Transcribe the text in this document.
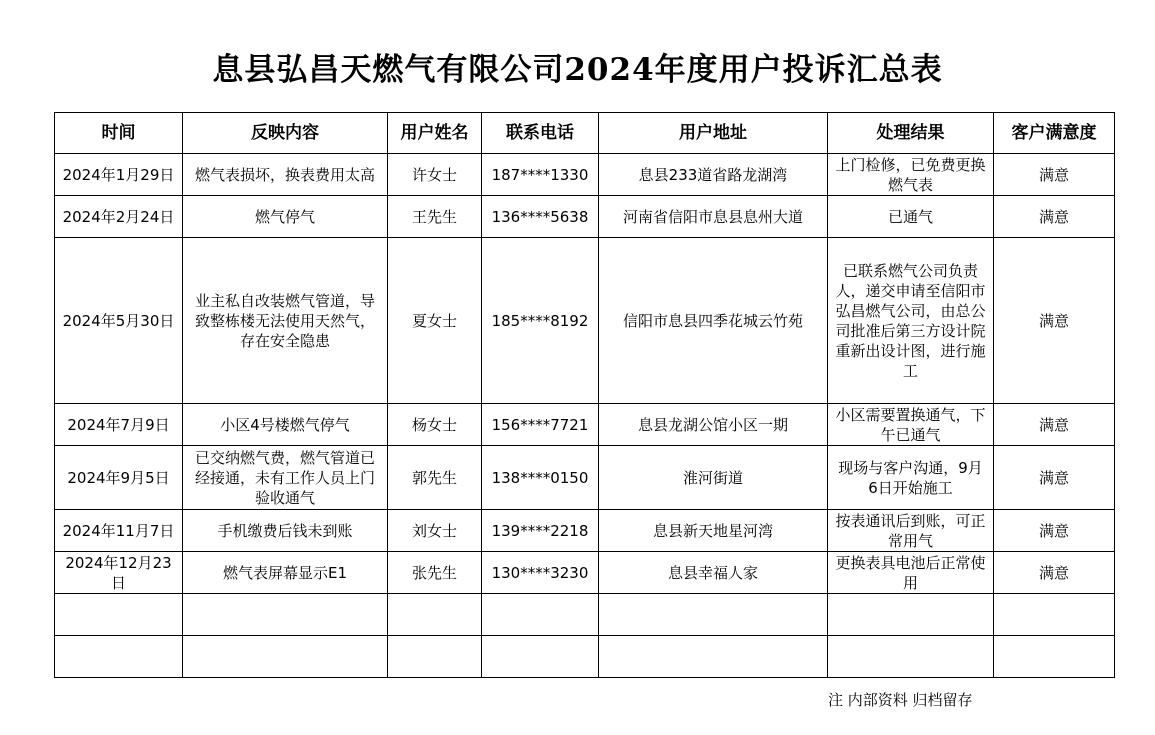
息县弘昌天燃气有限公司2024年度用户投诉汇总表
时间	反映内容	用户姓名	联系电话	用户地址	处理结果	客户满意度
2024年1月29日	燃气表损坏，换表费用太高	许女士	187****1330	息县233道省路龙湖湾	上门检修，已免费更换燃气表	满意
2024年2月24日	燃气停气	王先生	136****5638	河南省信阳市息县息州大道	已通气	满意
2024年5月30日	业主私自改装燃气管道，导致整栋楼无法使用天然气，存在安全隐患	夏女士	185****8192	信阳市息县四季花城云竹苑	已联系燃气公司负责人，递交申请至信阳市弘昌燃气公司，由总公司批准后第三方设计院重新出设计图，进行施工	满意
2024年7月9日	小区4号楼燃气停气	杨女士	156****7721	息县龙湖公馆小区一期	小区需要置换通气，下午已通气	满意
2024年9月5日	已交纳燃气费，燃气管道已经接通，未有工作人员上门验收通气	郭先生	138****0150	淮河街道	现场与客户沟通，9月6日开始施工	满意
2024年11月7日	手机缴费后钱未到账	刘女士	139****2218	息县新天地星河湾	按表通讯后到账，可正常用气	满意
2024年12月23日	燃气表屏幕显示E1	张先生	130****3230	息县幸福人家	更换表具电池后正常使用	满意

注 内部资料 归档留存
